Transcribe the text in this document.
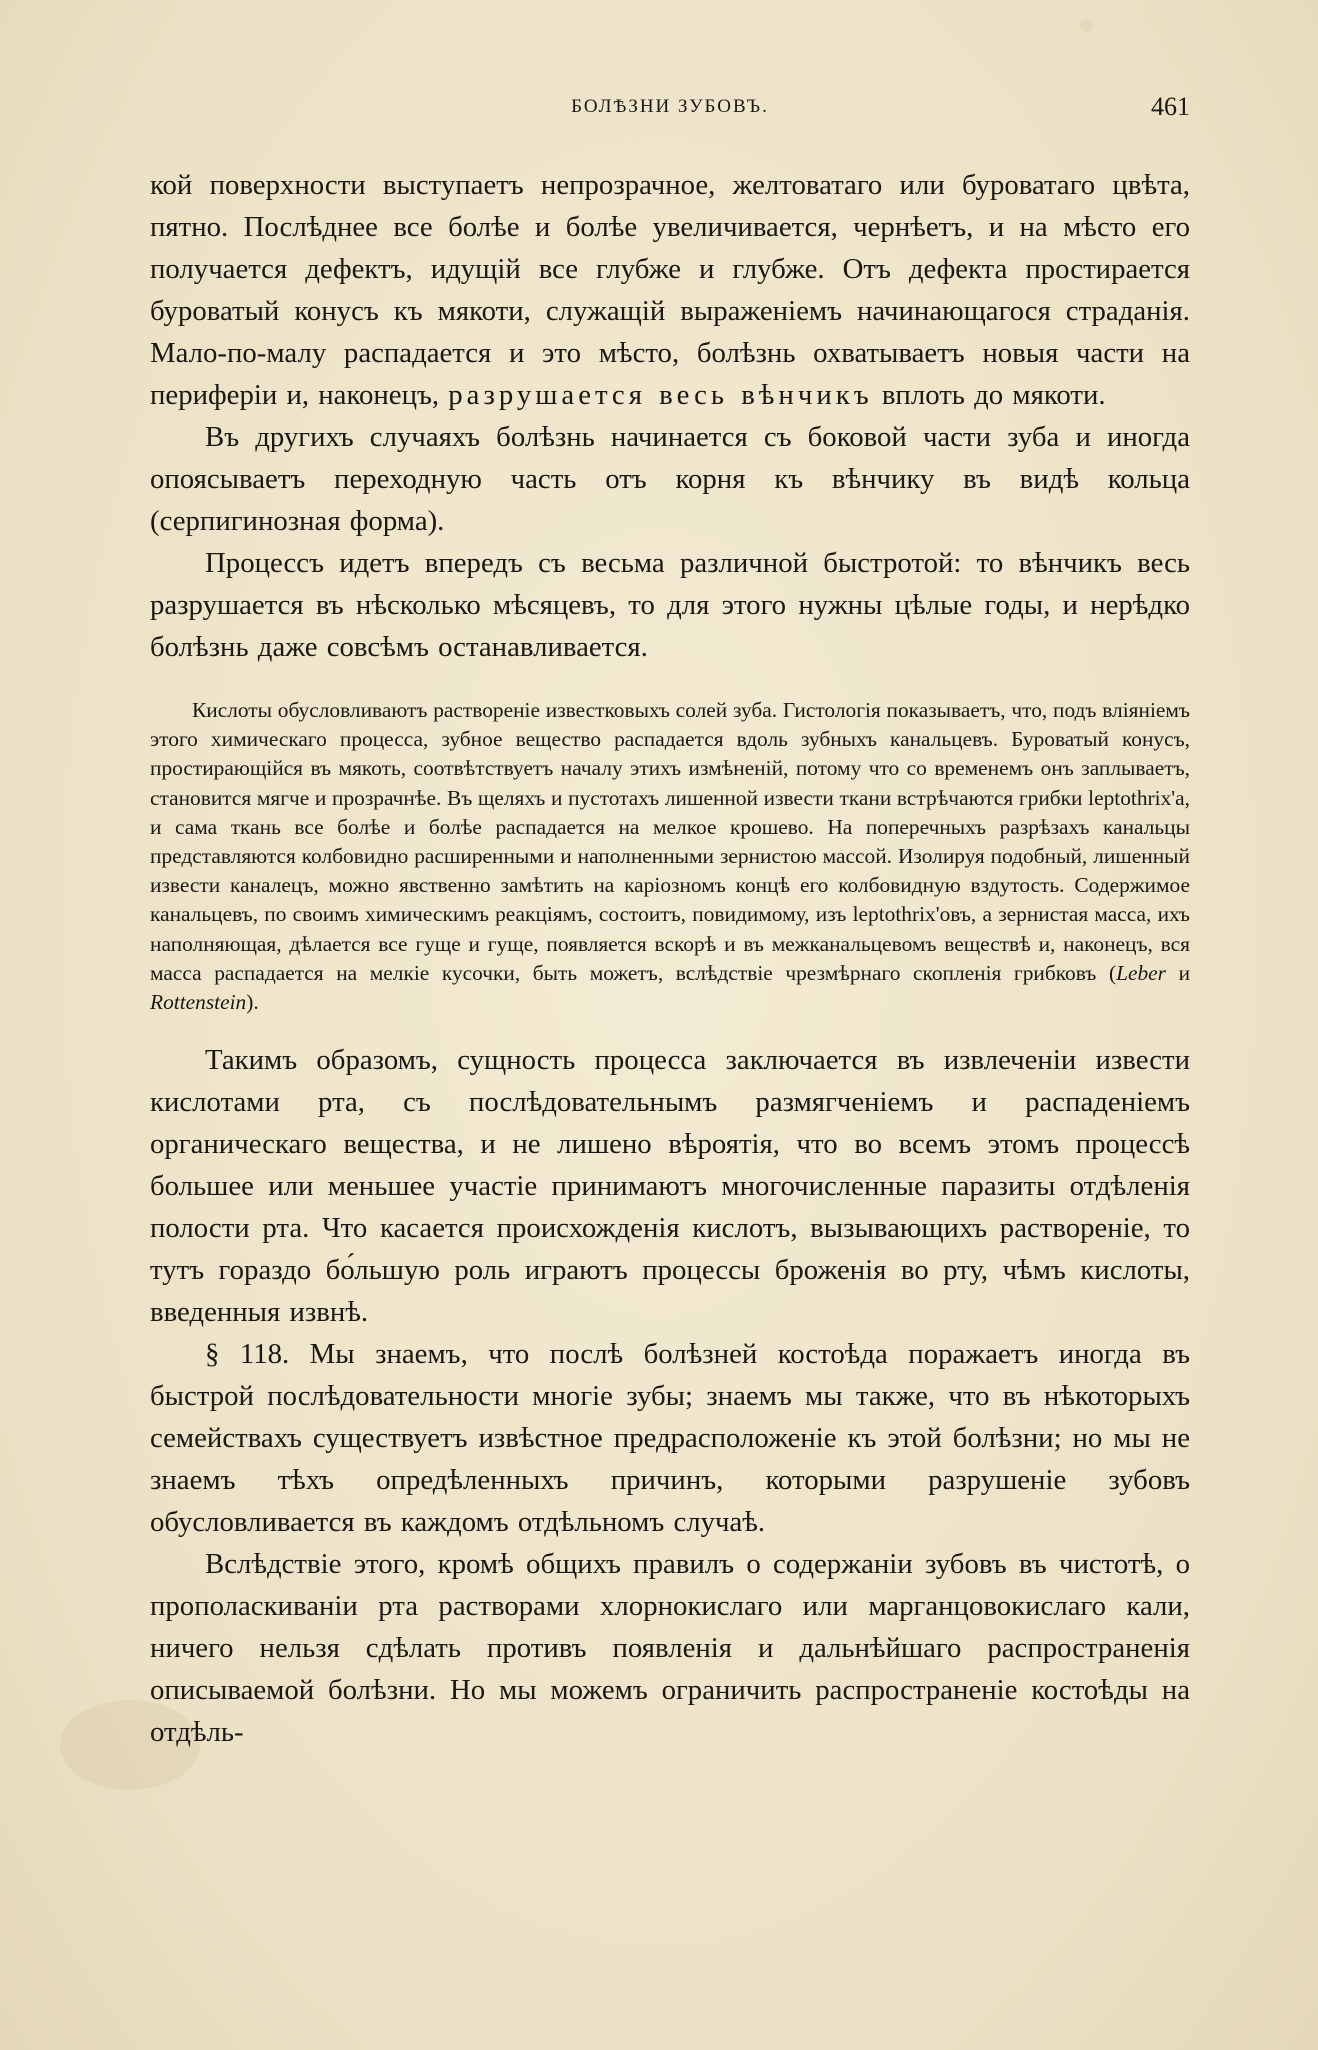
БОЛѢЗНИ ЗУБОВЪ.	461

кой поверхности выступаетъ непрозрачное, желтоватаго или буроватаго цвѣта, пятно. Послѣднее все болѣе и болѣе увеличивается, чернѣетъ, и на мѣсто его получается дефектъ, идущій все глубже и глубже. Отъ дефекта простирается буроватый конусъ къ мякоти, служащій выраженіемъ начинающагося страданія. Мало-по-малу распадается и это мѣсто, болѣзнь охватываетъ новыя части на периферіи и, наконецъ, разрушается весь вѣнчикъ вплоть до мякоти.

Въ другихъ случаяхъ болѣзнь начинается съ боковой части зуба и иногда опоясываетъ переходную часть отъ корня къ вѣнчику въ видѣ кольца (серпигинозная форма).

Процессъ идетъ впередъ съ весьма различной быстротой: то вѣнчикъ весь разрушается въ нѣсколько мѣсяцевъ, то для этого нужны цѣлые годы, и нерѣдко болѣзнь даже совсѣмъ останавливается.

Кислоты обусловливаютъ раствореніе известковыхъ солей зуба. Гистологія показываетъ, что, подъ вліяніемъ этого химическаго процесса, зубное вещество распадается вдоль зубныхъ канальцевъ. Буроватый конусъ, простирающійся въ мякоть, соотвѣтствуетъ началу этихъ измѣненій, потому что со временемъ онъ заплываетъ, становится мягче и прозрачнѣе. Въ щеляхъ и пустотахъ лишенной извести ткани встрѣчаются грибки leptothrix'а, и сама ткань все болѣе и болѣе распадается на мелкое крошево. На поперечныхъ разрѣзахъ канальцы представляются колбовидно расширенными и наполненными зернистою массой. Изолируя подобный, лишенный извести каналецъ, можно явственно замѣтить на каріозномъ концѣ его колбовидную вздутость. Содержимое канальцевъ, по своимъ химическимъ реакціямъ, состоитъ, повидимому, изъ leptothrix'овъ, а зернистая масса, ихъ наполняющая, дѣлается все гуще и гуще, появляется вскорѣ и въ межканальцевомъ веществѣ и, наконецъ, вся масса распадается на мелкіе кусочки, быть можетъ, вслѣдствіе чрезмѣрнаго скопленія грибковъ (Leber и Rottenstein).

Такимъ образомъ, сущность процесса заключается въ извлеченіи извести кислотами рта, съ послѣдовательнымъ размягченіемъ и распаденіемъ органическаго вещества, и не лишено вѣроятія, что во всемъ этомъ процессѣ большее или меньшее участіе принимаютъ многочисленные паразиты отдѣленія полости рта. Что касается происхожденія кислотъ, вызывающихъ раствореніе, то тутъ гораздо бо́льшую роль играютъ процессы броженія во рту, чѣмъ кислоты, введенныя извнѣ.

§ 118. Мы знаемъ, что послѣ болѣзней костоѣда поражаетъ иногда въ быстрой послѣдовательности многіе зубы; знаемъ мы также, что въ нѣкоторыхъ семействахъ существуетъ извѣстное предрасположеніе къ этой болѣзни; но мы не знаемъ тѣхъ опредѣленныхъ причинъ, которыми разрушеніе зубовъ обусловливается въ каждомъ отдѣльномъ случаѣ.

Вслѣдствіе этого, кромѣ общихъ правилъ о содержаніи зубовъ въ чистотѣ, о прополаскиваніи рта растворами хлорнокислаго или марганцовокислаго кали, ничего нельзя сдѣлать противъ появленія и дальнѣйшаго распространенія описываемой болѣзни. Но мы можемъ ограничить распространеніе костоѣды на отдѣль-
